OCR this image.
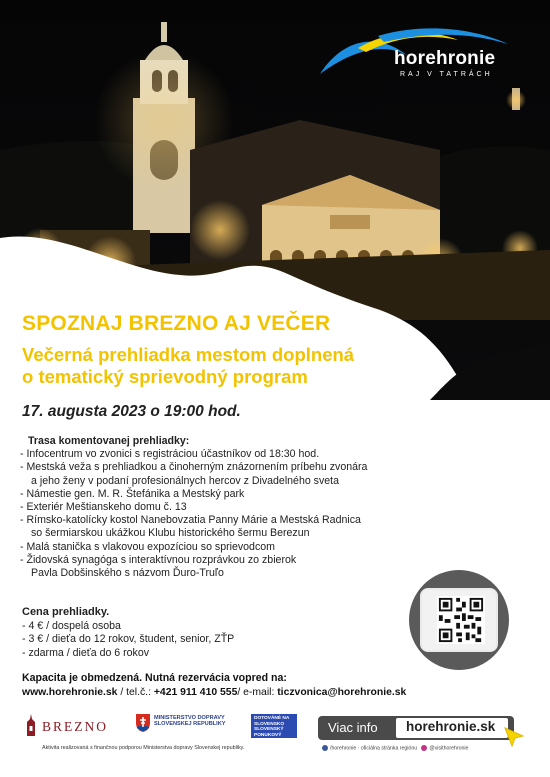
horehronie
RAJ V TATRÁCH
SPOZNAJ BREZNO AJ VEČER
Večerná prehliadka mestom doplnená
o tematický sprievodný program
17. augusta 2023 o 19:00 hod.
Trasa komentovanej prehliadky:
- Infocentrum vo zvonici s registráciou účastníkov od 18:30 hod.
- Mestská veža s prehliadkou a činoherným znázornením príbehu zvonára
a jeho ženy v podaní profesionálnych hercov z Divadelného sveta
- Námestie gen. M. R. Štefánika a Mestský park
- Exteriér Meštianskeho domu č. 13
- Rímsko-katolícky kostol Nanebovzatia Panny Márie a Mestská Radnica
so šermiarskou ukážkou Klubu historického šermu Berezun
- Malá stanička s vlakovou expozíciou so sprievodcom
- Židovská synagóga s interaktívnou rozprávkou zo zbierok
Pavla Dobšinského s názvom Ďuro-Truľo
Cena prehliadky.
- 4 € / dospelá osoba
- 3 € / dieťa do 12 rokov, študent, senior, ZŤP
- zdarma / dieťa do 6 rokov
Kapacita je obmedzená. Nutná rezervácia vopred na:
www.horehronie.sk / tel.č.: +421 911 410 555/ e-mail: ticzvonica@horehronie.sk
BREZNO
MINISTERSTVO DOPRAVY SLOVENSKEJ REPUBLIKY
DOTOVÁNÉ NA SLOVENSKO SLOVENSKÝ PONUKOVÝ
Viac info	horehronie.sk
Aktivita realizovaná s finančnou podporou Ministerstva dopravy Slovenskej republiky.	/horehronie · oficiálna stránka regiónu @visithorehronie
